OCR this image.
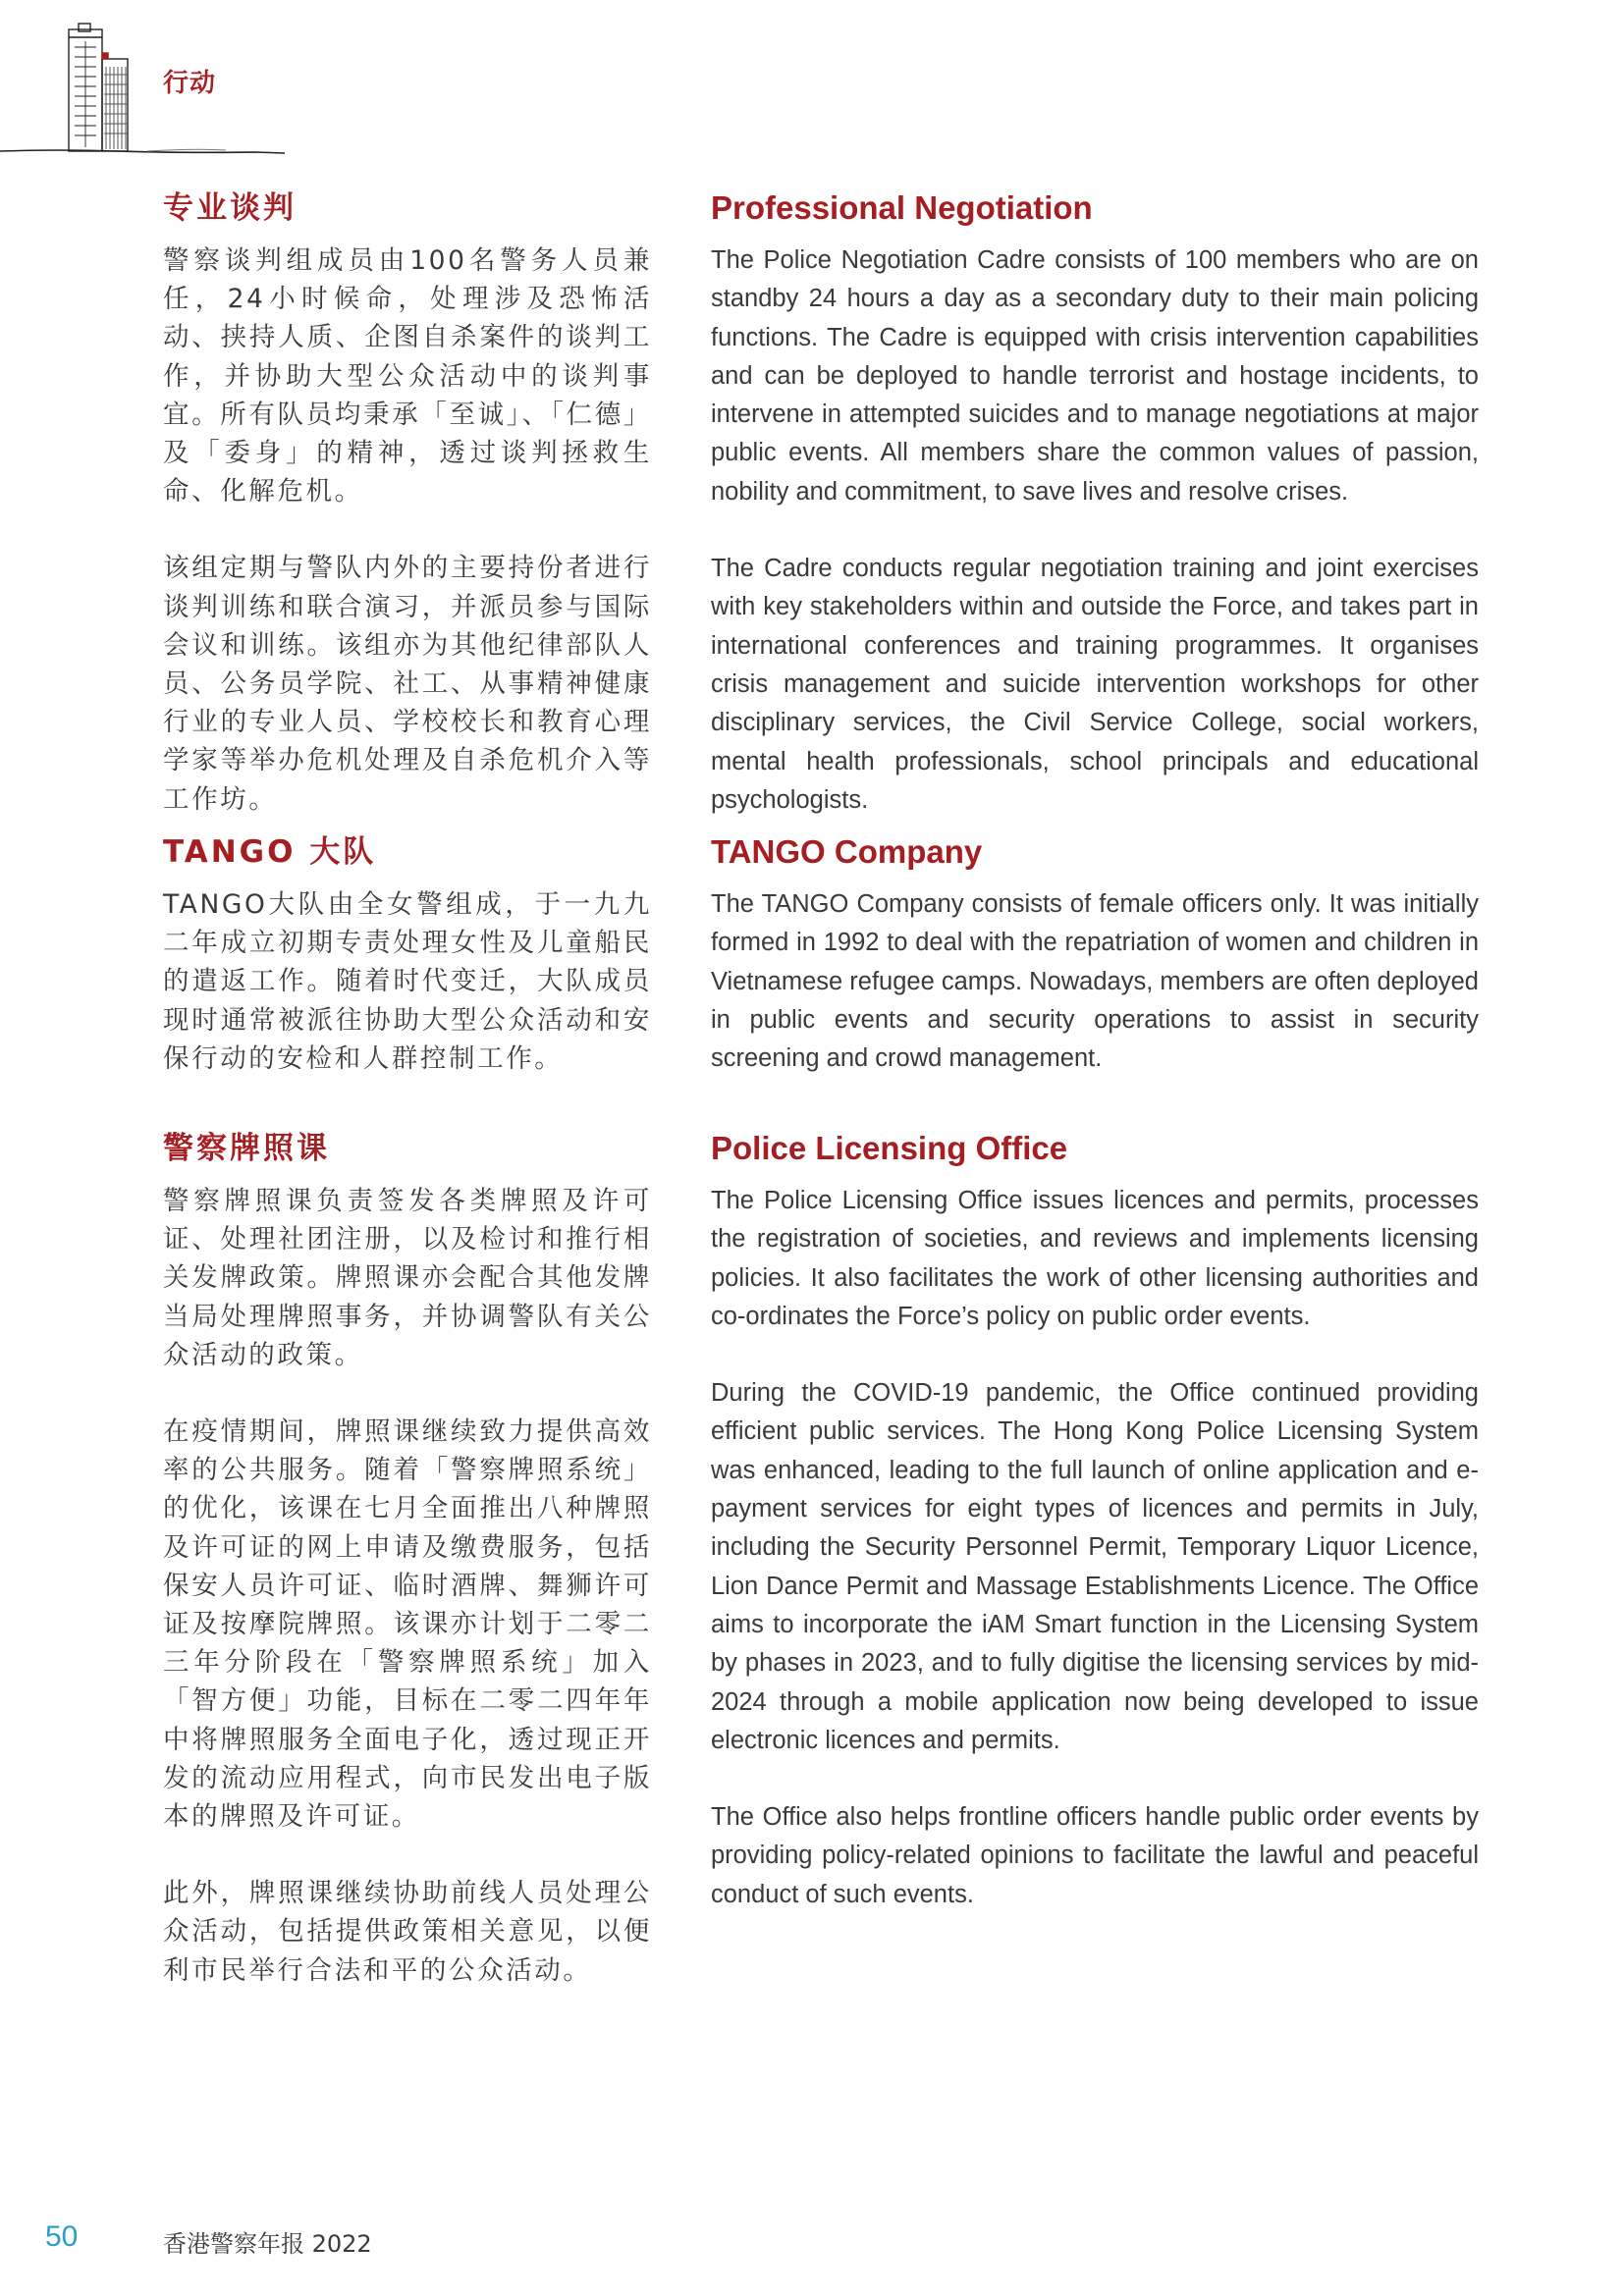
行动
专业谈判

警察谈判组成员由100名警务人员兼任，24小时候命，处理涉及恐怖活动、挟持人质、企图自杀案件的谈判工作，并协助大型公众活动中的谈判事宜。所有队员均秉承「至诚」、「仁德」及「委身」的精神，透过谈判拯救生命、化解危机。

该组定期与警队内外的主要持份者进行谈判训练和联合演习，并派员参与国际会议和训练。该组亦为其他纪律部队人员、公务员学院、社工、从事精神健康行业的专业人员、学校校长和教育心理学家等举办危机处理及自杀危机介入等工作坊。

TANGO 大队

TANGO大队由全女警组成，于一九九二年成立初期专责处理女性及儿童船民的遣返工作。随着时代变迁，大队成员现时通常被派往协助大型公众活动和安保行动的安检和人群控制工作。

警察牌照课

警察牌照课负责签发各类牌照及许可证、处理社团注册，以及检讨和推行相关发牌政策。牌照课亦会配合其他发牌当局处理牌照事务，并协调警队有关公众活动的政策。

在疫情期间，牌照课继续致力提供高效率的公共服务。随着「警察牌照系统」的优化，该课在七月全面推出八种牌照及许可证的网上申请及缴费服务，包括保安人员许可证、临时酒牌、舞狮许可证及按摩院牌照。该课亦计划于二零二三年分阶段在「警察牌照系统」加入「智方便」功能，目标在二零二四年年中将牌照服务全面电子化，透过现正开发的流动应用程式，向市民发出电子版本的牌照及许可证。

此外，牌照课继续协助前线人员处理公众活动，包括提供政策相关意见，以便利市民举行合法和平的公众活动。

Professional Negotiation

The Police Negotiation Cadre consists of 100 members who are on standby 24 hours a day as a secondary duty to their main policing functions. The Cadre is equipped with crisis intervention capabilities and can be deployed to handle terrorist and hostage incidents, to intervene in attempted suicides and to manage negotiations at major public events. All members share the common values of passion, nobility and commitment, to save lives and resolve crises.

The Cadre conducts regular negotiation training and joint exercises with key stakeholders within and outside the Force, and takes part in international conferences and training programmes. It organises crisis management and suicide intervention workshops for other disciplinary services, the Civil Service College, social workers, mental health professionals, school principals and educational psychologists.

TANGO Company

The TANGO Company consists of female officers only. It was initially formed in 1992 to deal with the repatriation of women and children in Vietnamese refugee camps. Nowadays, members are often deployed in public events and security operations to assist in security screening and crowd management.

Police Licensing Office

The Police Licensing Office issues licences and permits, processes the registration of societies, and reviews and implements licensing policies. It also facilitates the work of other licensing authorities and co-ordinates the Force’s policy on public order events.

During the COVID-19 pandemic, the Office continued providing efficient public services. The Hong Kong Police Licensing System was enhanced, leading to the full launch of online application and e-payment services for eight types of licences and permits in July, including the Security Personnel Permit, Temporary Liquor Licence, Lion Dance Permit and Massage Establishments Licence. The Office aims to incorporate the iAM Smart function in the Licensing System by phases in 2023, and to fully digitise the licensing services by mid-2024 through a mobile application now being developed to issue electronic licences and permits.

The Office also helps frontline officers handle public order events by providing policy-related opinions to facilitate the lawful and peaceful conduct of such events.

50	香港警察年报 2022
